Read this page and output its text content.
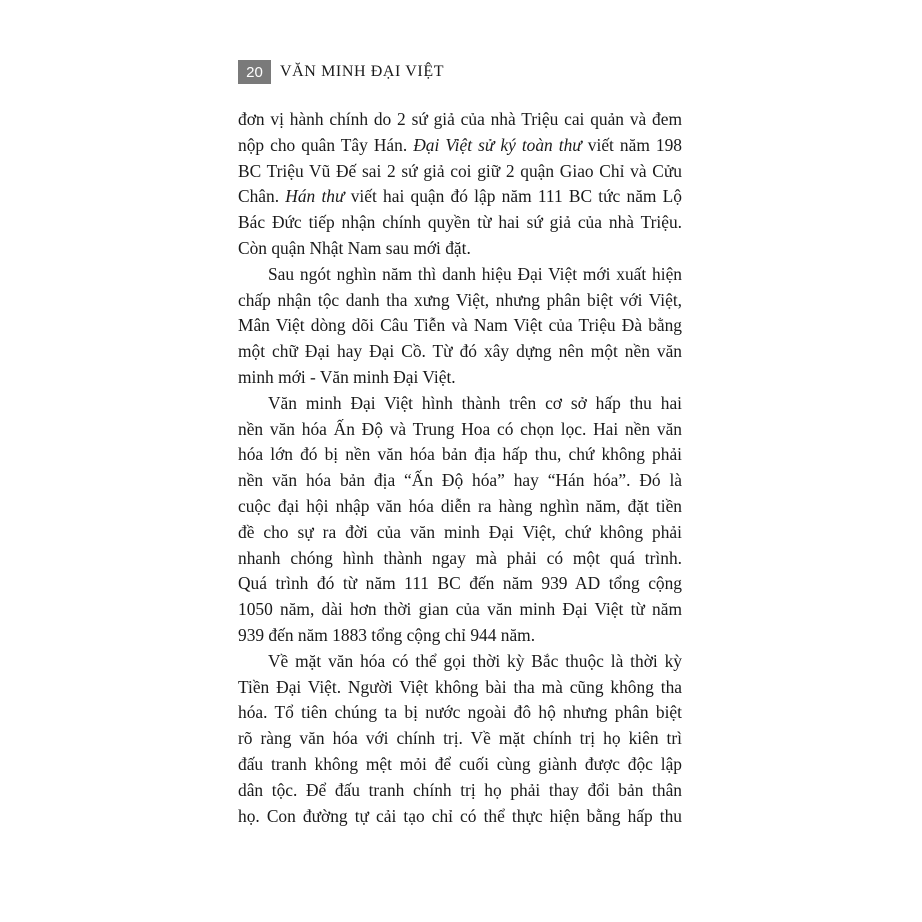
20	VĂN MINH ĐẠI VIỆT
đơn vị hành chính do 2 sứ giả của nhà Triệu cai quản và đem
nộp cho quân Tây Hán. Đại Việt sử ký toàn thư viết năm 198
BC Triệu Vũ Đế sai 2 sứ giả coi giữ 2 quận Giao Chỉ và Cửu
Chân. Hán thư viết hai quận đó lập năm 111 BC tức năm Lộ
Bác Đức tiếp nhận chính quyền từ hai sứ giả của nhà Triệu.
Còn quận Nhật Nam sau mới đặt.
Sau ngót nghìn năm thì danh hiệu Đại Việt mới xuất hiện
chấp nhận tộc danh tha xưng Việt, nhưng phân biệt với Việt,
Mân Việt dòng dõi Câu Tiễn và Nam Việt của Triệu Đà bằng
một chữ Đại hay Đại Cồ. Từ đó xây dựng nên một nền văn
minh mới - Văn minh Đại Việt.
Văn minh Đại Việt hình thành trên cơ sở hấp thu hai
nền văn hóa Ấn Độ và Trung Hoa có chọn lọc. Hai nền văn
hóa lớn đó bị nền văn hóa bản địa hấp thu, chứ không phải
nền văn hóa bản địa “Ấn Độ hóa” hay “Hán hóa”. Đó là
cuộc đại hội nhập văn hóa diễn ra hàng nghìn năm, đặt tiền
đề cho sự ra đời của văn minh Đại Việt, chứ không phải
nhanh chóng hình thành ngay mà phải có một quá trình.
Quá trình đó từ năm 111 BC đến năm 939 AD tổng cộng
1050 năm, dài hơn thời gian của văn minh Đại Việt từ năm
939 đến năm 1883 tổng cộng chỉ 944 năm.
Về mặt văn hóa có thể gọi thời kỳ Bắc thuộc là thời kỳ
Tiền Đại Việt. Người Việt không bài tha mà cũng không tha
hóa. Tổ tiên chúng ta bị nước ngoài đô hộ nhưng phân biệt
rõ ràng văn hóa với chính trị. Về mặt chính trị họ kiên trì
đấu tranh không mệt mỏi để cuối cùng giành được độc lập
dân tộc. Để đấu tranh chính trị họ phải thay đổi bản thân
họ. Con đường tự cải tạo chỉ có thể thực hiện bằng hấp thu
